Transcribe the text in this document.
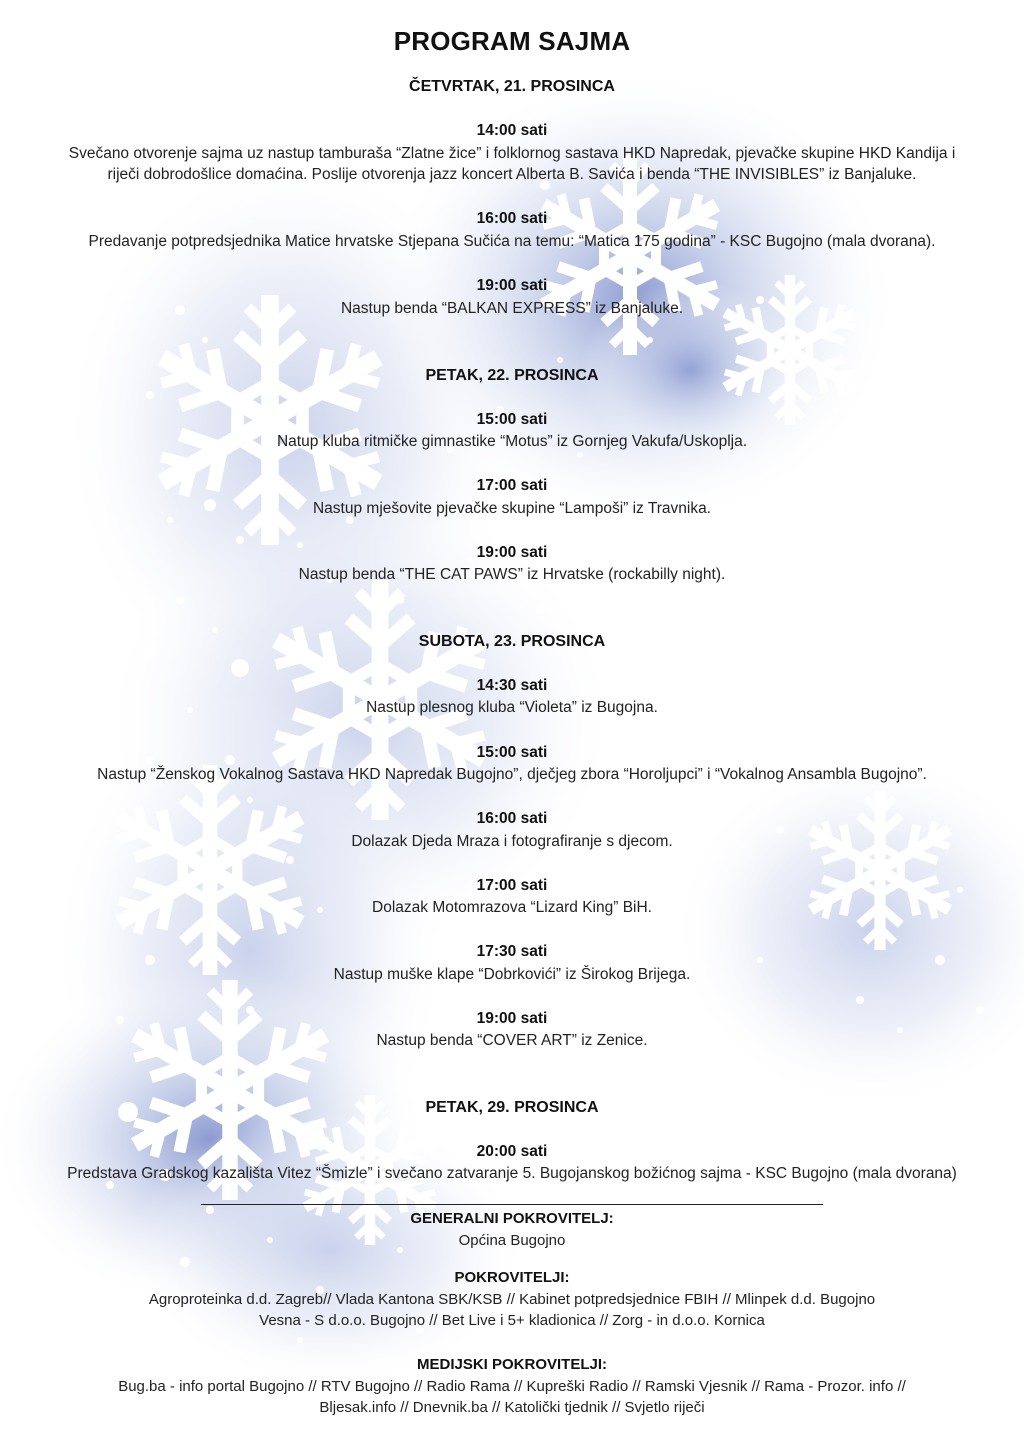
PROGRAM SAJMA
ČETVRTAK, 21. PROSINCA
14:00 sati
Svečano otvorenje sajma uz nastup tamburaša “Zlatne žice” i folklornog sastava HKD Napredak, pjevačke skupine HKD Kandija i
riječi dobrodošlice domaćina. Poslije otvorenja jazz koncert Alberta B. Savića i benda “THE INVISIBLES” iz Banjaluke.
16:00 sati
Predavanje potpredsjednika Matice hrvatske Stjepana Sučića na temu: “Matica 175 godina” - KSC Bugojno (mala dvorana).
19:00 sati
Nastup benda “BALKAN EXPRESS” iz Banjaluke.
PETAK, 22. PROSINCA
15:00 sati
Natup kluba ritmičke gimnastike “Motus” iz Gornjeg Vakufa/Uskoplja.
17:00 sati
Nastup mješovite pjevačke skupine “Lampoši” iz Travnika.
19:00 sati
Nastup benda “THE CAT PAWS” iz Hrvatske (rockabilly night).
SUBOTA, 23. PROSINCA
14:30 sati
Nastup plesnog kluba “Violeta” iz Bugojna.
15:00 sati
Nastup “Ženskog Vokalnog Sastava HKD Napredak Bugojno”, dječjeg zbora “Horoljupci” i “Vokalnog Ansambla Bugojno”.
16:00 sati
Dolazak Djeda Mraza i fotografiranje s djecom.
17:00 sati
Dolazak Motomrazova “Lizard King” BiH.
17:30 sati
Nastup muške klape “Dobrkovići” iz Širokog Brijega.
19:00 sati
Nastup benda “COVER ART” iz Zenice.
PETAK, 29. PROSINCA
20:00 sati
Predstava Gradskog kazališta Vitez “Šmizle” i svečano zatvaranje 5. Bugojanskog božićnog sajma - KSC Bugojno (mala dvorana)
GENERALNI POKROVITELJ:
Općina Bugojno
POKROVITELJI:
Agroproteinka d.d. Zagreb// Vlada Kantona SBK/KSB // Kabinet potpredsjednice FBIH // Mlinpek d.d. Bugojno
Vesna - S d.o.o. Bugojno // Bet Live i 5+ kladionica // Zorg - in d.o.o. Kornica
MEDIJSKI POKROVITELJI:
Bug.ba - info portal Bugojno // RTV Bugojno // Radio Rama // Kupreški Radio // Ramski Vjesnik // Rama - Prozor. info //
Bljesak.info // Dnevnik.ba // Katolički tjednik // Svjetlo riječi
